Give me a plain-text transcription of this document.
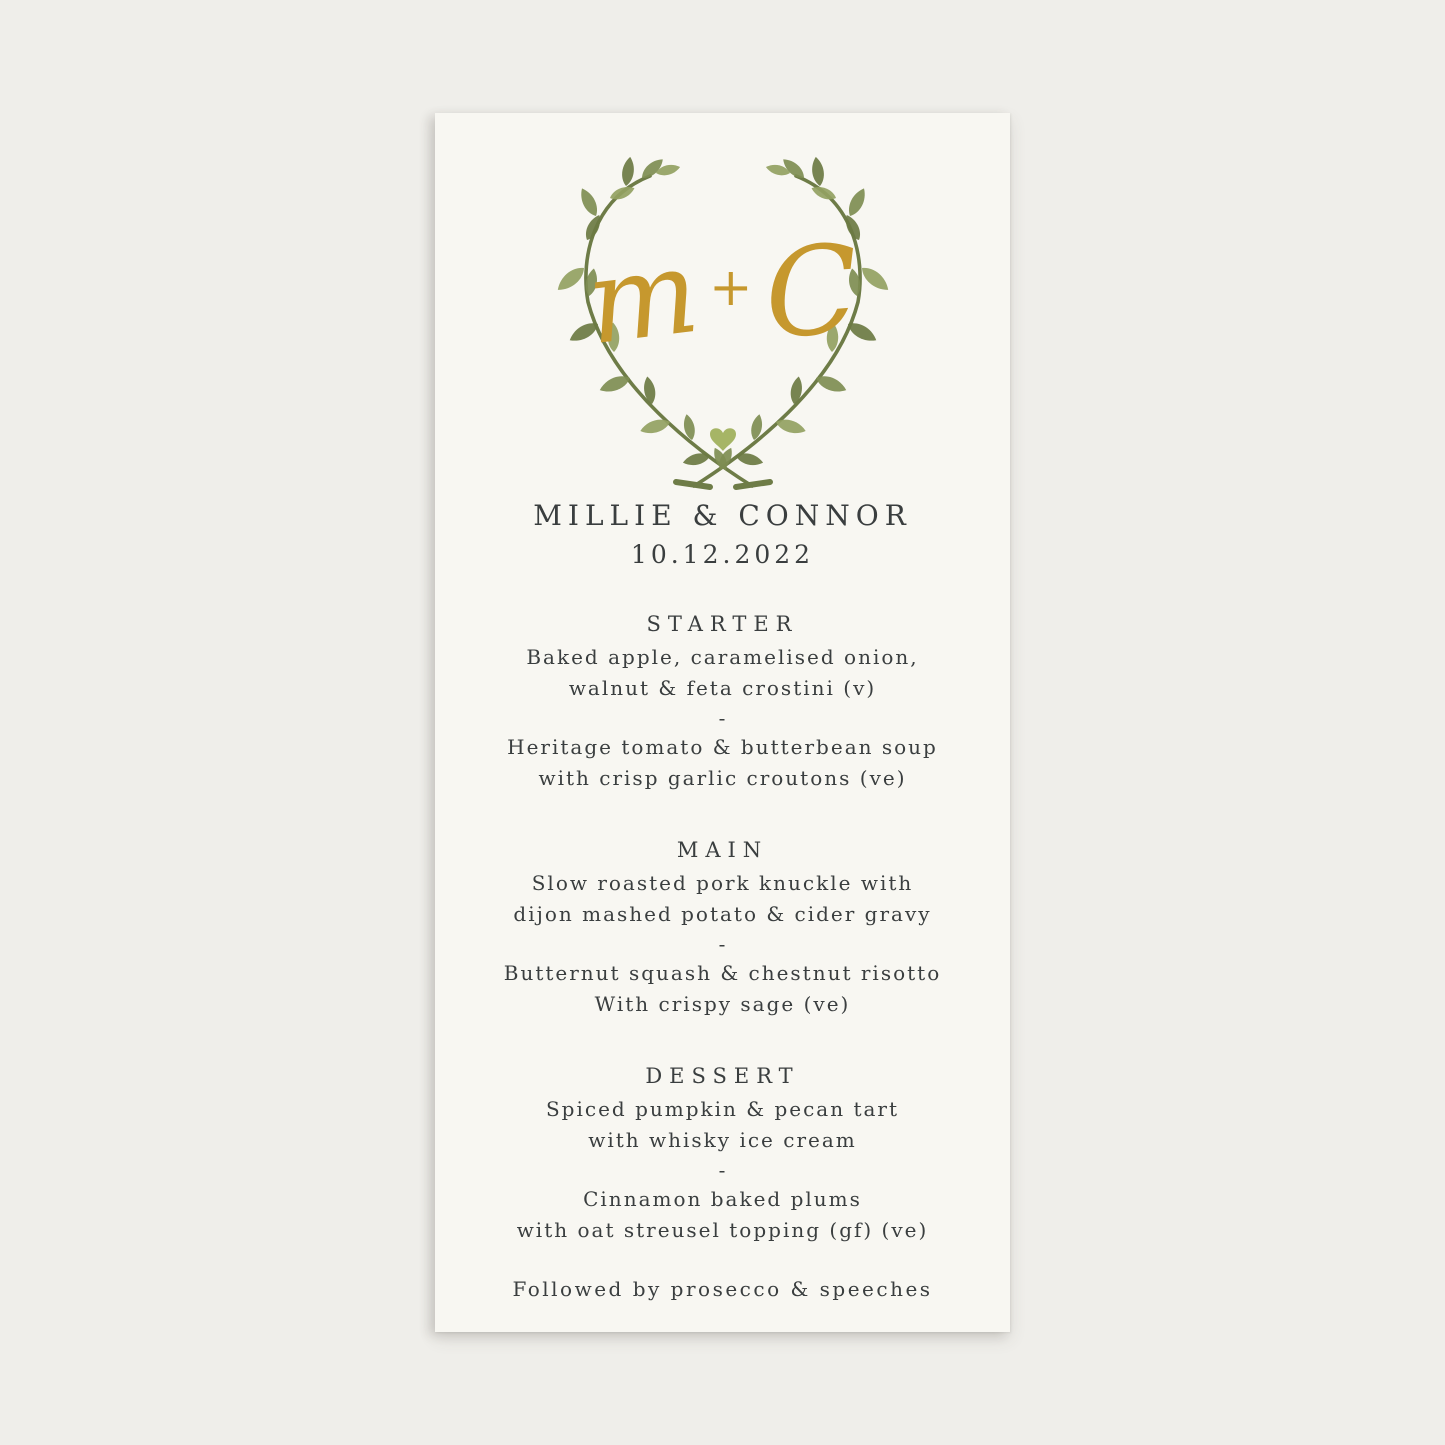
m + C
MILLIE & CONNOR
10.12.2022
STARTER
Baked apple, caramelised onion,
walnut & feta crostini (v)
-
Heritage tomato & butterbean soup
with crisp garlic croutons (ve)
MAIN
Slow roasted pork knuckle with
dijon mashed potato & cider gravy
-
Butternut squash & chestnut risotto
With crispy sage (ve)
DESSERT
Spiced pumpkin & pecan tart
with whisky ice cream
-
Cinnamon baked plums
with oat streusel topping (gf) (ve)
Followed by prosecco & speeches
